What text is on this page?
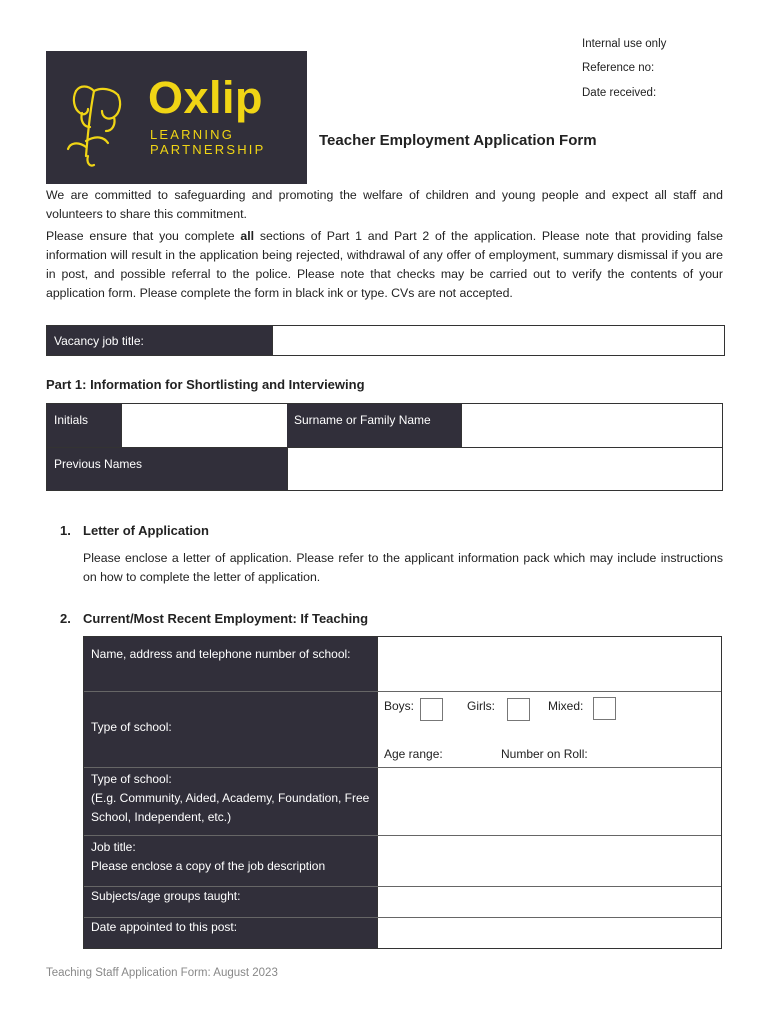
Internal use only
Reference no:
Date received:
Oxlip
LEARNING
PARTNERSHIP
Teacher Employment Application Form
We are committed to safeguarding and promoting the welfare of children and young people and expect all staff and volunteers to share this commitment.
Please ensure that you complete all sections of Part 1 and Part 2 of the application. Please note that providing false information will result in the application being rejected, withdrawal of any offer of employment, summary dismissal if you are in post, and possible referral to the police. Please note that checks may be carried out to verify the contents of your application form. Please complete the form in black ink or type. CVs are not accepted.
Vacancy job title:
Part 1: Information for Shortlisting and Interviewing
Initials	Surname or Family Name
Previous Names
1. Letter of Application
Please enclose a letter of application. Please refer to the applicant information pack which may include instructions on how to complete the letter of application.
2. Current/Most Recent Employment: If Teaching
Name, address and telephone number of school:
Type of school:
Boys:	Girls:	Mixed:
Age range:	Number on Roll:
Type of school:
(E.g. Community, Aided, Academy, Foundation, Free School, Independent, etc.)
Job title:
Please enclose a copy of the job description
Subjects/age groups taught:
Date appointed to this post:
Teaching Staff Application Form: August 2023
